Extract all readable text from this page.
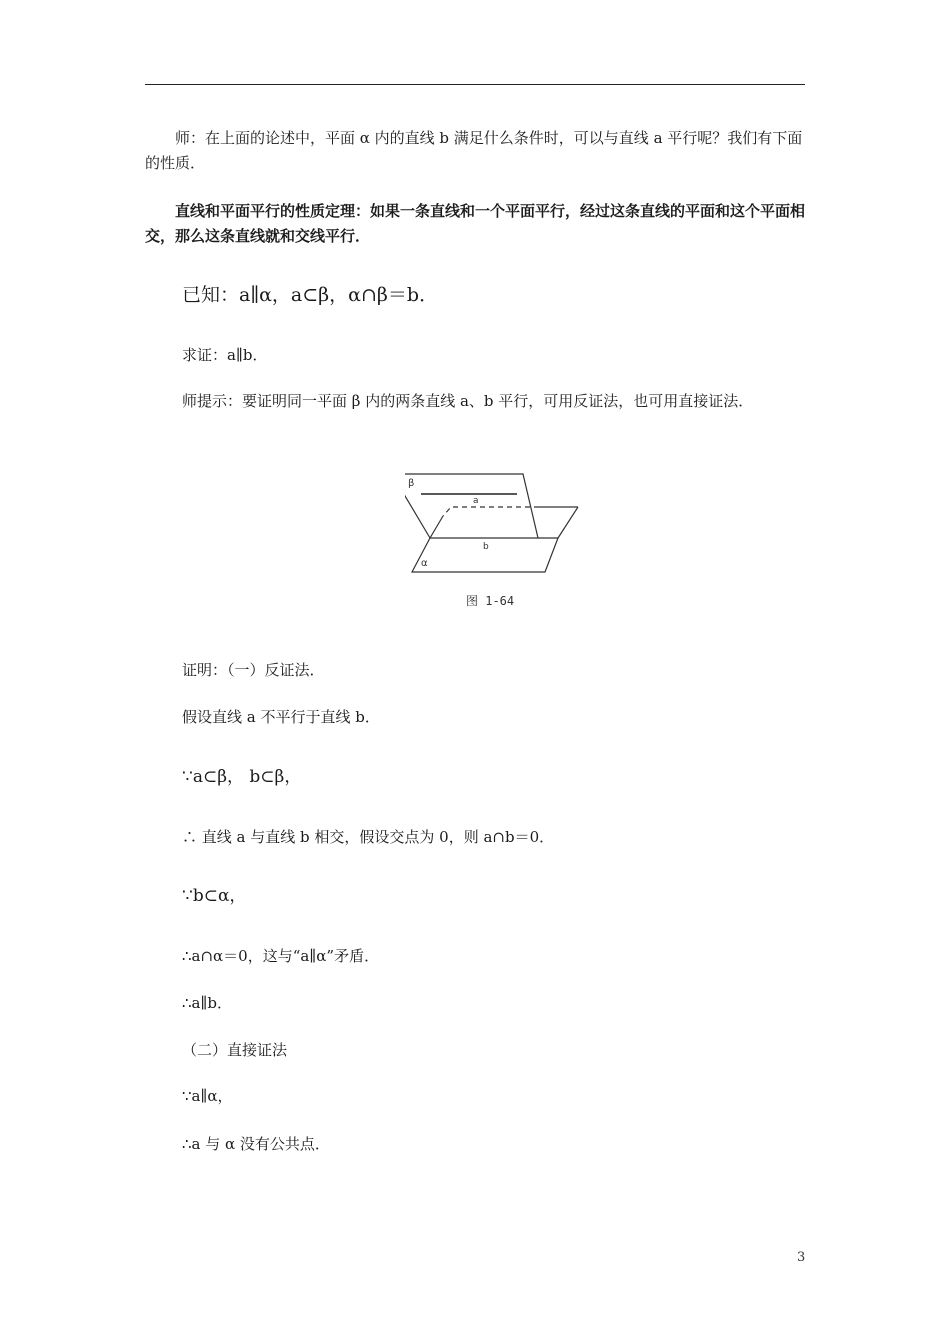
师：在上面的论述中，平面 α 内的直线 b 满足什么条件时，可以与直线 a 平行呢？我们有下面的性质．

直线和平面平行的性质定理：如果一条直线和一个平面平行，经过这条直线的平面和这个平面相交，那么这条直线就和交线平行．

已知：a∥α，a⊂β，α∩β＝b．
求证：a∥b．
师提示：要证明同一平面 β 内的两条直线 a、b 平行，可用反证法，也可用直接证法．
β
a
b
α
图 1-64
证明：（一）反证法．
假设直线 a 不平行于直线 b．
∵a⊂β， b⊂β，
∴ 直线 a 与直线 b 相交，假设交点为 0，则 a∩b＝0．
∵b⊂α，
∴a∩α＝0，这与“a∥α”矛盾．
∴a∥b．
（二）直接证法
∵a∥α，
∴a 与 α 没有公共点．
3
